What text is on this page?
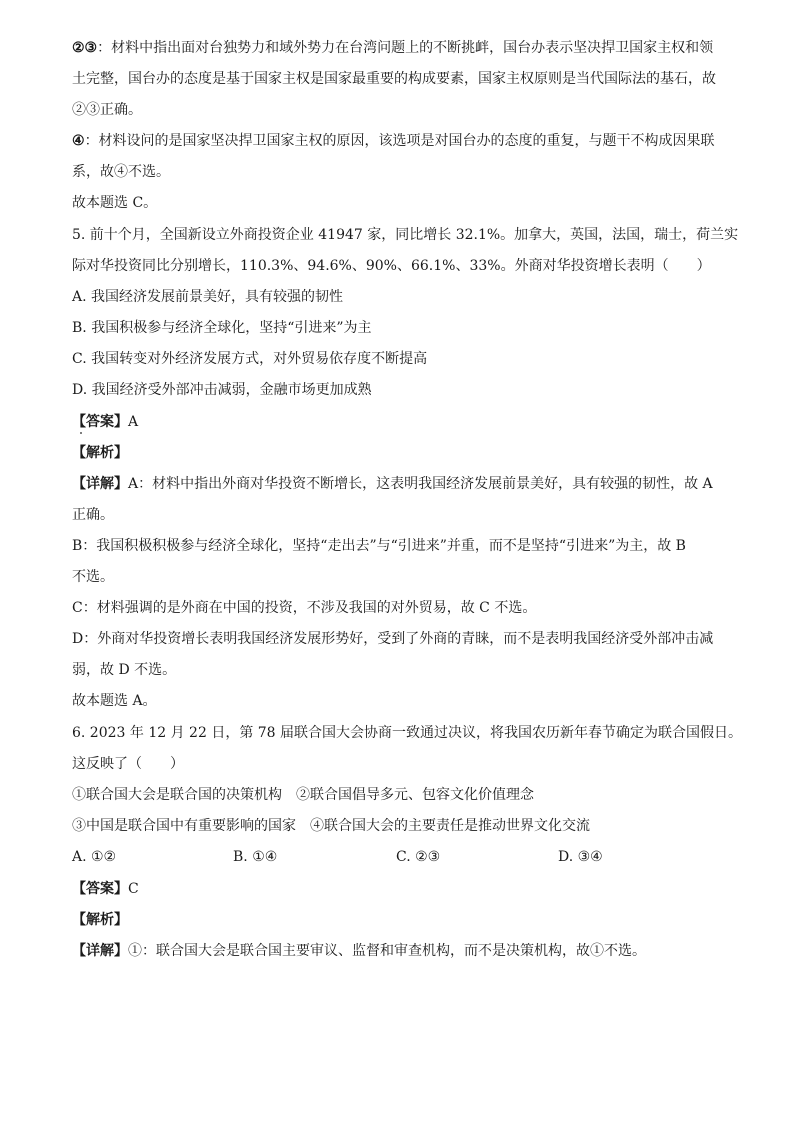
②③：材料中指出面对台独势力和域外势力在台湾问题上的不断挑衅，国台办表示坚决捍卫国家主权和领
土完整，国台办的态度是基于国家主权是国家最重要的构成要素，国家主权原则是当代国际法的基石，故
②③正确。
④：材料设问的是国家坚决捍卫国家主权的原因，该选项是对国台办的态度的重复，与题干不构成因果联
系，故④不选。
故本题选 C。
5. 前十个月，全国新设立外商投资企业 41947 家，同比增长 32.1%。加拿大，英国，法国，瑞士，荷兰实
际对华投资同比分别增长，110.3%、94.6%、90%、66.1%、33%。外商对华投资增长表明（　　）
A. 我国经济发展前景美好，具有较强的韧性
B. 我国积极参与经济全球化，坚持“引进来”为主
C. 我国转变对外经济发展方式，对外贸易依存度不断提高
D. 我国经济受外部冲击减弱，金融市场更加成熟
【答案】A
【解析】
【详解】A：材料中指出外商对华投资不断增长，这表明我国经济发展前景美好，具有较强的韧性，故 A
正确。
B：我国积极积极参与经济全球化，坚持“走出去”与“引进来”并重，而不是坚持“引进来”为主，故 B
不选。
C：材料强调的是外商在中国的投资，不涉及我国的对外贸易，故 C 不选。
D：外商对华投资增长表明我国经济发展形势好，受到了外商的青睐，而不是表明我国经济受外部冲击减
弱，故 D 不选。
故本题选 A。
6. 2023 年 12 月 22 日，第 78 届联合国大会协商一致通过决议，将我国农历新年春节确定为联合国假日。
这反映了（　　）
①联合国大会是联合国的决策机构　②联合国倡导多元、包容文化价值理念
③中国是联合国中有重要影响的国家　④联合国大会的主要责任是推动世界文化交流
A. ①②	B. ①④	C. ②③	D. ③④
【答案】C
【解析】
【详解】①：联合国大会是联合国主要审议、监督和审查机构，而不是决策机构，故①不选。
